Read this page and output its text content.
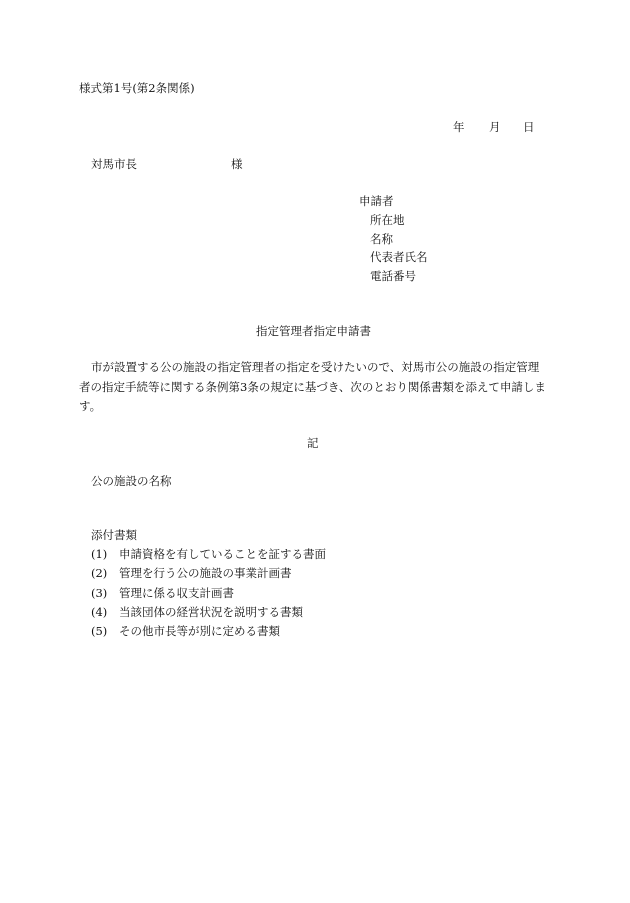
様式第1号(第2条関係)
年 月 日
対馬市長	様
申請者
所在地
名称
代表者氏名
電話番号
指定管理者指定申請書
市が設置する公の施設の指定管理者の指定を受けたいので、対馬市公の施設の指定管理者の指定手続等に関する条例第3条の規定に基づき、次のとおり関係書類を添えて申請します。
記
公の施設の名称
添付書類
(1)	申請資格を有していることを証する書面
(2)	管理を行う公の施設の事業計画書
(3)	管理に係る収支計画書
(4)	当該団体の経営状況を説明する書類
(5)	その他市長等が別に定める書類
